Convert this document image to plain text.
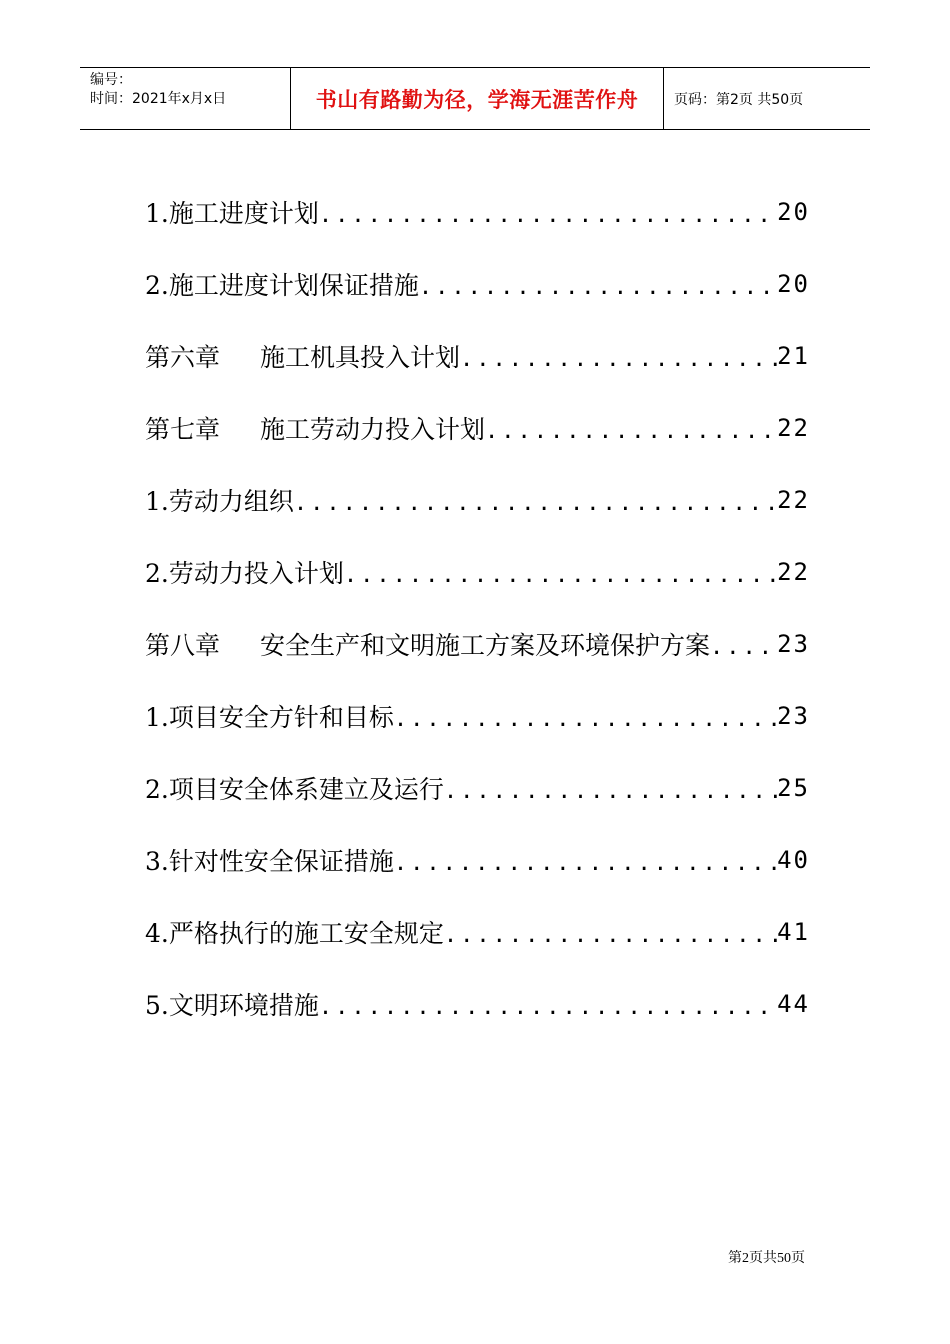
编号：
时间：2021年x月x日	书山有路勤为径，学海无涯苦作舟	页码：第2页 共50页
1.施工进度计划 .....	20
2.施工进度计划保证措施 .....	20
第六章 施工机具投入计划 .....	21
第七章 施工劳动力投入计划 .....	22
1.劳动力组织 .....	22
2.劳动力投入计划 .....	22
第八章 安全生产和文明施工方案及环境保护方案 .....	23
1.项目安全方针和目标 .....	23
2.项目安全体系建立及运行 .....	25
3.针对性安全保证措施 .....	40
4.严格执行的施工安全规定 .....	41
5.文明环境措施 .....	44
第2页共50页
